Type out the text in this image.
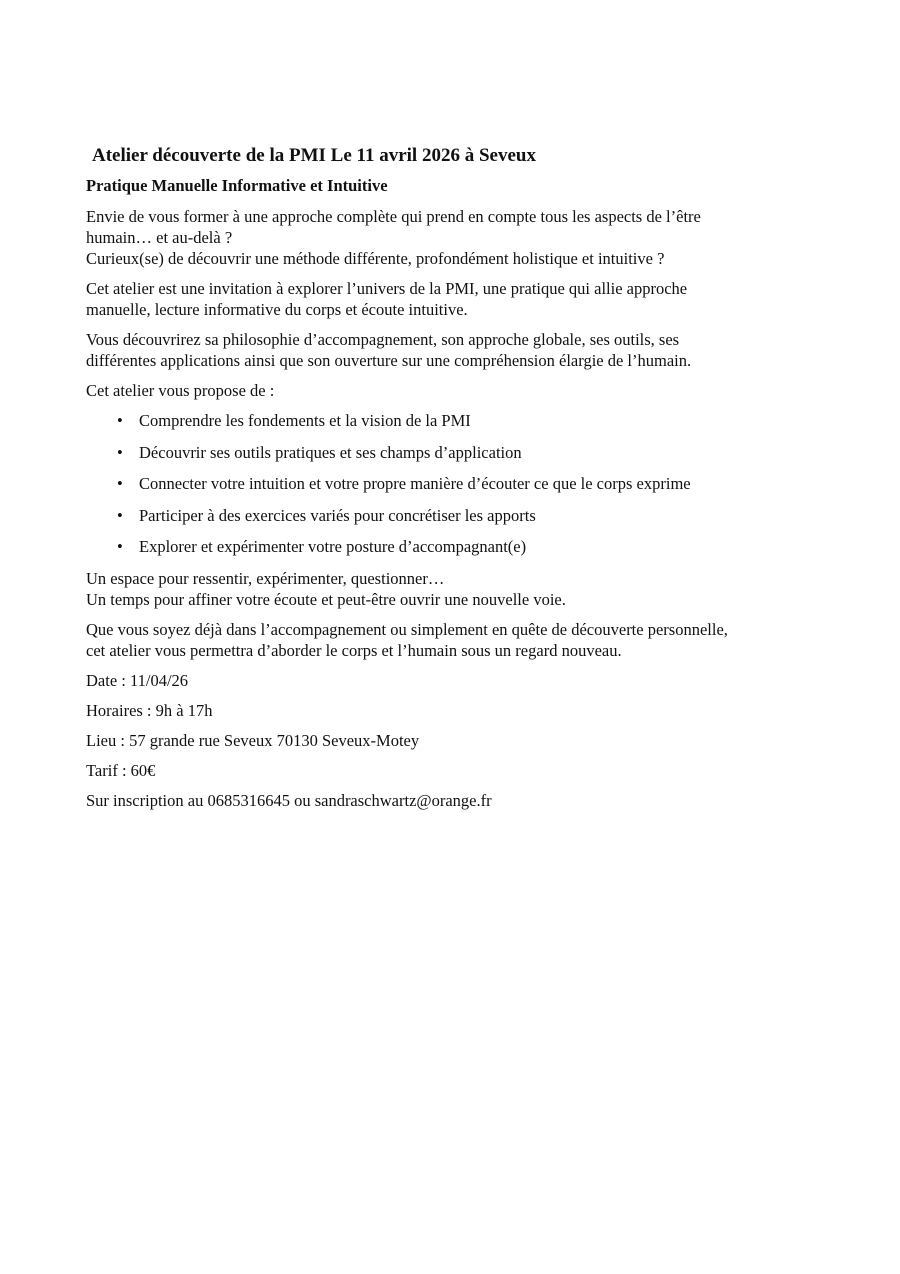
Atelier découverte de la PMI Le 11 avril 2026 à Seveux
Pratique Manuelle Informative et Intuitive

Envie de vous former à une approche complète qui prend en compte tous les aspects de l’être
humain… et au-delà ?
Curieux(se) de découvrir une méthode différente, profondément holistique et intuitive ?

Cet atelier est une invitation à explorer l’univers de la PMI, une pratique qui allie approche
manuelle, lecture informative du corps et écoute intuitive.

Vous découvrirez sa philosophie d’accompagnement, son approche globale, ses outils, ses
différentes applications ainsi que son ouverture sur une compréhension élargie de l’humain.

Cet atelier vous propose de :

• Comprendre les fondements et la vision de la PMI
• Découvrir ses outils pratiques et ses champs d’application
• Connecter votre intuition et votre propre manière d’écouter ce que le corps exprime
• Participer à des exercices variés pour concrétiser les apports
• Explorer et expérimenter votre posture d’accompagnant(e)

Un espace pour ressentir, expérimenter, questionner…
Un temps pour affiner votre écoute et peut-être ouvrir une nouvelle voie.

Que vous soyez déjà dans l’accompagnement ou simplement en quête de découverte personnelle,
cet atelier vous permettra d’aborder le corps et l’humain sous un regard nouveau.

Date : 11/04/26

Horaires : 9h à 17h

Lieu : 57 grande rue Seveux 70130 Seveux-Motey

Tarif : 60€

Sur inscription au 0685316645 ou sandraschwartz@orange.fr
